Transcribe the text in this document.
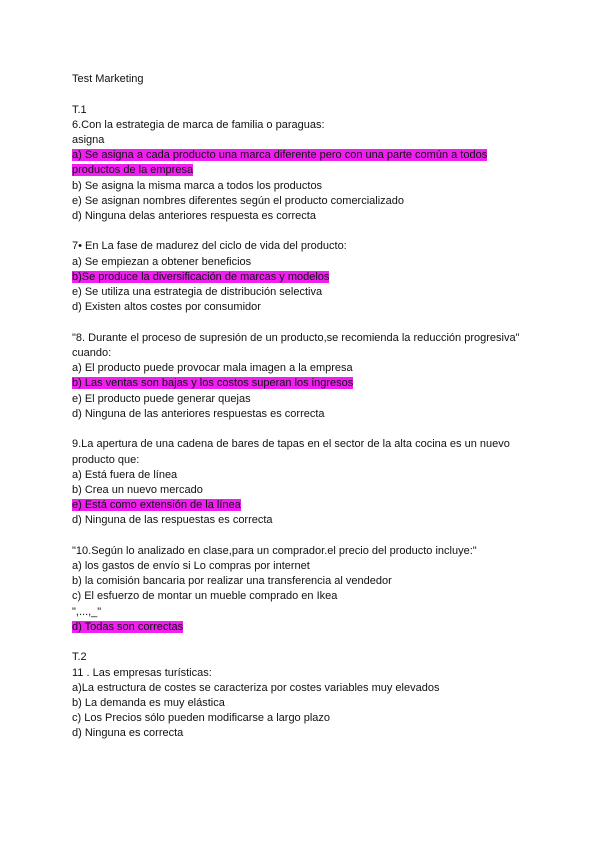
Test Marketing
T.1
6.Con la estrategia de marca de familia o paraguas:
asigna
a) Se asigna a cada producto una marca diferente pero con una parte común a todos
productos de la empresa
b) Se asigna la misma marca a todos los productos
e) Se asignan nombres diferentes según el producto comercializado
d) Ninguna delas anteriores respuesta es correcta
7• En La fase de madurez del ciclo de vida del producto:
a) Se empiezan a obtener beneficios
b)Se produce la diversificación de marcas y modelos
e) Se utiliza una estrategia de distribución selectiva
d) Existen altos costes por consumidor
"8. Durante el proceso de supresión de un producto,se recomienda la reducción progresiva"
cuando:
a) El producto puede provocar mala imagen a la empresa
b) Las ventas son bajas y los costos superan los ingresos
e) El producto puede generar quejas
d) Ninguna de las anteriores respuestas es correcta
9.La apertura de una cadena de bares de tapas en el sector de la alta cocina es un nuevo
producto que:
a) Está fuera de línea
b) Crea un nuevo mercado
e) Está como extensión de la línea
d) Ninguna de las respuestas es correcta
"10.Según lo analizado en clase,para un comprador.el precio del producto incluye:"
a) los gastos de envío si Lo compras por internet
b) la comisión bancaria por realizar una transferencia al vendedor
c) El esfuerzo de montar un mueble comprado en Ikea
",...,_"
d) Todas son correctas
T.2
11 . Las empresas turísticas:
a)La estructura de costes se caracteriza por costes variables muy elevados
b) La demanda es muy elástica
c) Los Precios sólo pueden modificarse a largo plazo
d) Ninguna es correcta
